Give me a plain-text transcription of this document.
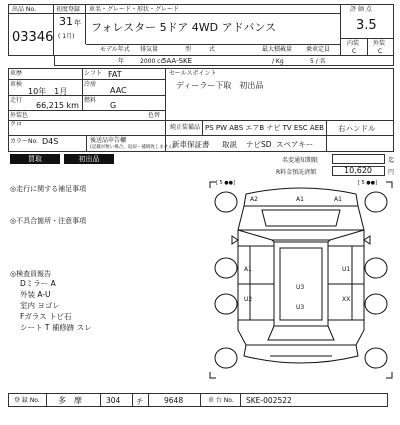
出品 No.
03346
初度登録
31 年
( 1月)
車名・グレード・形状・グレード
フォレスター 5ドア 4WD アドバンス
評 価 点
3.5
内装 外装
C	C
モデル年式 排気量	型　　　式	最大積載量 乗車定員
年	2000 cc
5AA-SKE	/ Kg	5 / 名
車歴	シフト FAT
車検
10年　1月
冷房
AAC
走行
66,215 km
燃料
G
外装色
クロ
色替
カラーNo. D4S	後送品申告欄
(記載が無い場合、返却・補填致しません)
セールスポイント
ディーラー下取　初出品
純正装備品 PS PW ABS エアB ナビ TV ESC AEB 右ハンドル
新車保証書 取説 ナビSD スペアキー
買取	初出品	名変通知期限	迄
R料金預託済額	10,620	円
◎走行に関する補足事項
◎不具合箇所・注意事項
◎検査員報告
Dミラー A
外装 A-U
室内 ヨゴレ
Fガラス トビ石
シート T 補修跡 スレ
[ 5 ●●]	[ 5 ●●]
A2	A1	A1
A1	U1
U2
U3
U3
XX
登 録 No. 多　摩	304 チ	9648	車 台 No. SKE-002522
